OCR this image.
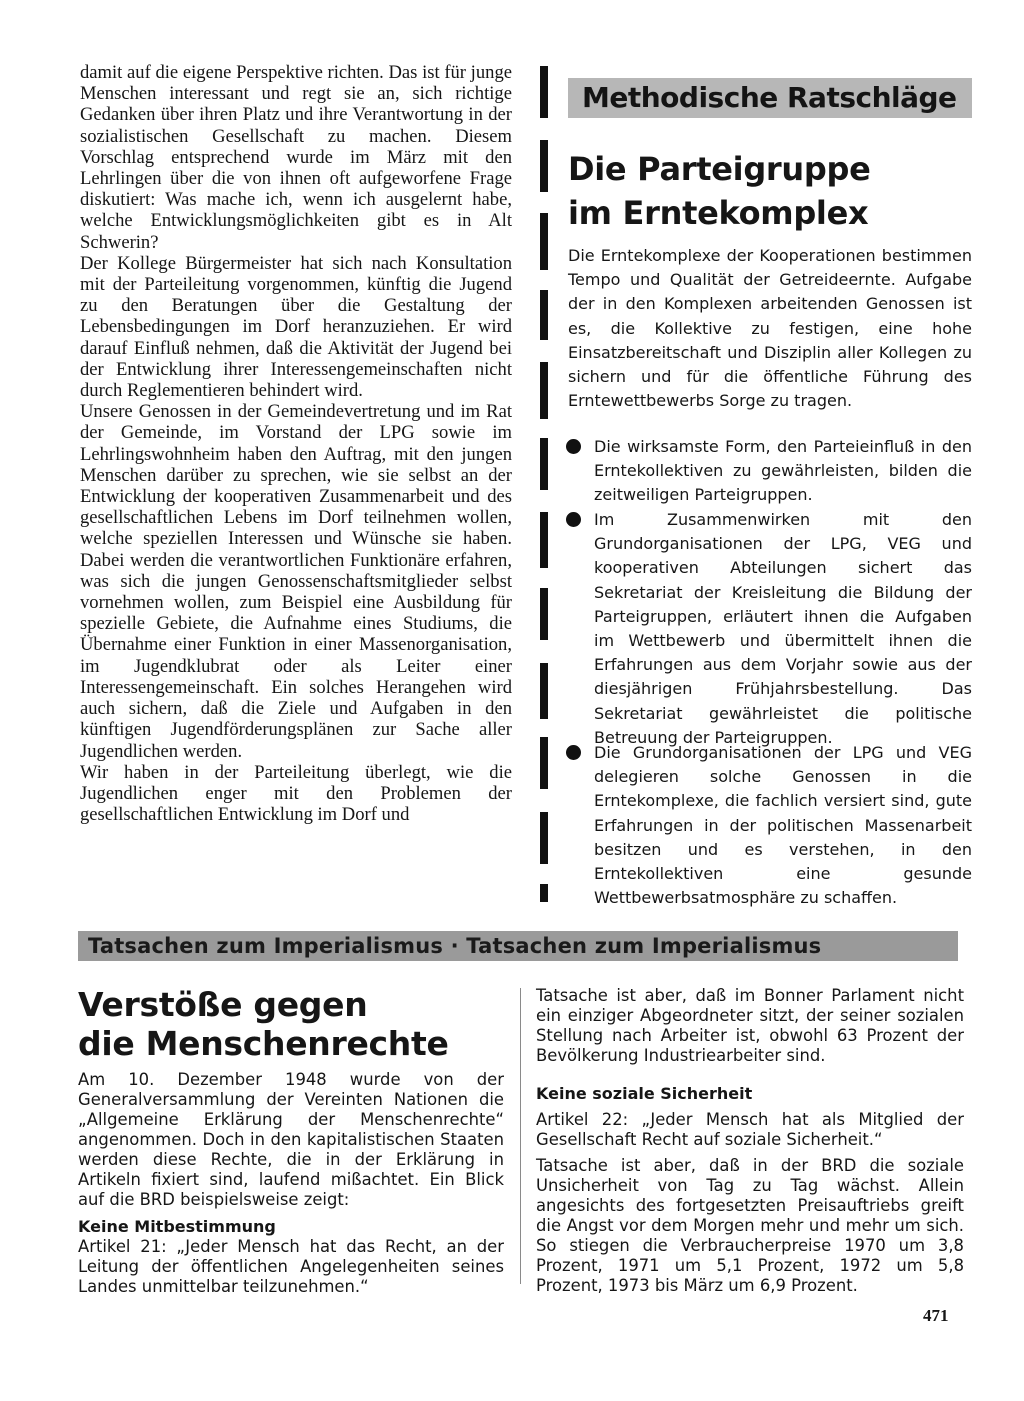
damit auf die eigene Perspektive richten. Das ist für junge Menschen interessant und regt sie an, sich richtige Gedanken über ihren Platz und ihre Verantwortung in der sozialistischen Gesellschaft zu machen. Diesem Vorschlag entsprechend wurde im März mit den Lehrlingen über die von ihnen oft aufgeworfene Frage diskutiert: Was mache ich, wenn ich ausgelernt habe, welche Entwicklungsmöglichkeiten gibt es in Alt Schwerin?

Der Kollege Bürgermeister hat sich nach Konsultation mit der Parteileitung vorgenommen, künftig die Jugend zu den Beratungen über die Gestaltung der Lebensbedingungen im Dorf heranzuziehen. Er wird darauf Einfluß nehmen, daß die Aktivität der Jugend bei der Entwicklung ihrer Interessengemeinschaften nicht durch Reglementieren behindert wird.

Unsere Genossen in der Gemeindevertretung und im Rat der Gemeinde, im Vorstand der LPG sowie im Lehrlingswohnheim haben den Auftrag, mit den jungen Menschen darüber zu sprechen, wie sie selbst an der Entwicklung der kooperativen Zusammenarbeit und des gesellschaftlichen Lebens im Dorf teilnehmen wollen, welche speziellen Interessen und Wünsche sie haben. Dabei werden die verantwortlichen Funktionäre erfahren, was sich die jungen Genossenschaftsmitglieder selbst vornehmen wollen, zum Beispiel eine Ausbildung für spezielle Gebiete, die Aufnahme eines Studiums, die Übernahme einer Funktion in einer Massenorganisation, im Jugendklubrat oder als Leiter einer Interessengemeinschaft. Ein solches Herangehen wird auch sichern, daß die Ziele und Aufgaben in den künftigen Jugendförderungsplänen zur Sache aller Jugendlichen werden.

Wir haben in der Parteileitung überlegt, wie die Jugendlichen enger mit den Problemen der gesellschaftlichen Entwicklung im Dorf und

Methodische Ratschläge
Die Parteigruppe
im Erntekomplex

Die Erntekomplexe der Kooperationen bestimmen Tempo und Qualität der Getreideernte. Aufgabe der in den Komplexen arbeitenden Genossen ist es, die Kollektive zu festigen, eine hohe Einsatzbereitschaft und Disziplin aller Kollegen zu sichern und für die öffentliche Führung des Erntewettbewerbs Sorge zu tragen.

Die wirksamste Form, den Parteieinfluß in den Erntekollektiven zu gewährleisten, bilden die zeitweiligen Parteigruppen.

Im Zusammenwirken mit den Grundorganisationen der LPG, VEG und kooperativen Abteilungen sichert das Sekretariat der Kreisleitung die Bildung der Parteigruppen, erläutert ihnen die Aufgaben im Wettbewerb und übermittelt ihnen die Erfahrungen aus dem Vorjahr sowie aus der diesjährigen Frühjahrsbestellung. Das Sekretariat gewährleistet die politische Betreuung der Parteigruppen.

Die Grundorganisationen der LPG und VEG delegieren solche Genossen in die Erntekomplexe, die fachlich versiert sind, gute Erfahrungen in der politischen Massenarbeit besitzen und es verstehen, in den Erntekollektiven eine gesunde Wettbewerbsatmosphäre zu schaffen.

Tatsachen zum Imperialismus · Tatsachen zum Imperialismus
Verstöße gegen
die Menschenrechte

Am 10. Dezember 1948 wurde von der Generalversammlung der Vereinten Nationen die „Allgemeine Erklärung der Menschenrechte“ angenommen. Doch in den kapitalistischen Staaten werden diese Rechte, die in der Erklärung in Artikeln fixiert sind, laufend mißachtet. Ein Blick auf die BRD beispielsweise zeigt:

Keine Mitbestimmung

Artikel 21: „Jeder Mensch hat das Recht, an der Leitung der öffentlichen Angelegenheiten seines Landes unmittelbar teilzunehmen.“

Tatsache ist aber, daß im Bonner Parlament nicht ein einziger Abgeordneter sitzt, der seiner sozialen Stellung nach Arbeiter ist, obwohl 63 Prozent der Bevölkerung Industriearbeiter sind.

Keine soziale Sicherheit

Artikel 22: „Jeder Mensch hat als Mitglied der Gesellschaft Recht auf soziale Sicherheit.“

Tatsache ist aber, daß in der BRD die soziale Unsicherheit von Tag zu Tag wächst. Allein angesichts des fortgesetzten Preisauftriebs greift die Angst vor dem Morgen mehr und mehr um sich. So stiegen die Verbraucherpreise 1970 um 3,8 Prozent, 1971 um 5,1 Prozent, 1972 um 5,8 Prozent, 1973 bis März um 6,9 Prozent.

471
